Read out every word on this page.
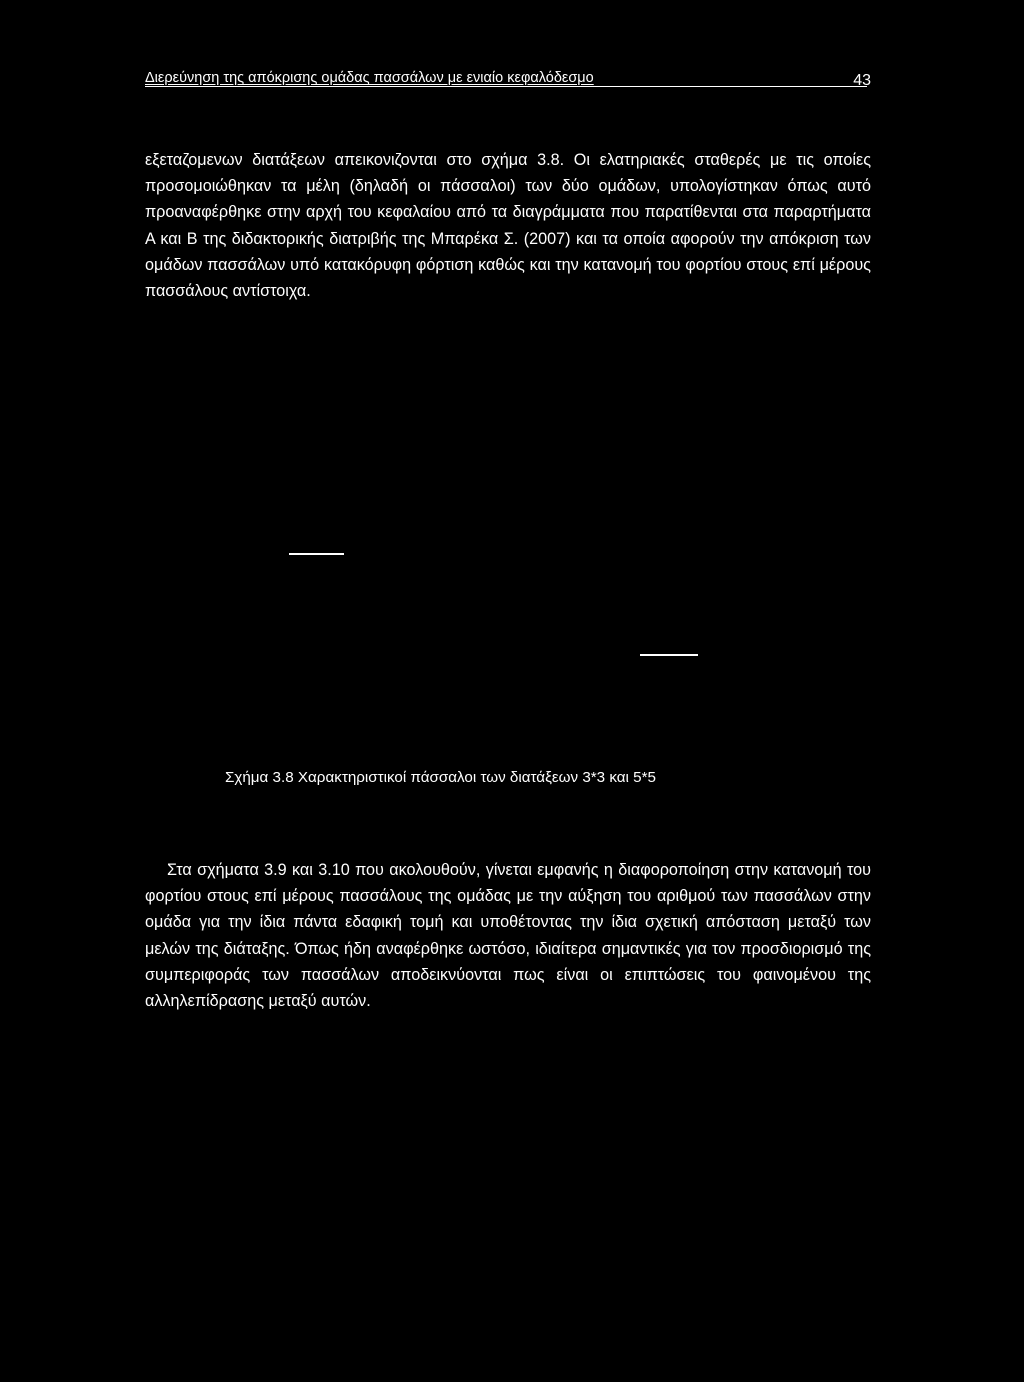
Διερεύνηση της απόκρισης ομάδας πασσάλων με ενιαίο κεφαλόδεσμο	43

εξεταζομενων διατάξεων απεικονιζονται στο σχήμα 3.8. Οι ελατηριακές σταθερές με τις οποίες προσομοιώθηκαν τα μέλη (δηλαδή οι πάσσαλοι) των δύο ομάδων, υπολογίστηκαν όπως αυτό προαναφέρθηκε στην αρχή του κεφαλαίου από τα διαγράμματα που παρατίθενται στα παραρτήματα A και B της διδακτορικής διατριβής της Μπαρέκα Σ. (2007) και τα οποία αφορούν την απόκριση των ομάδων πασσάλων υπό κατακόρυφη φόρτιση καθώς και την κατανομή του φορτίου στους επί μέρους πασσάλους αντίστοιχα.

Σχήμα 3.8 Χαρακτηριστικοί πάσσαλοι των διατάξεων 3*3 και 5*5

Στα σχήματα 3.9 και 3.10 που ακολουθούν, γίνεται εμφανής η διαφοροποίηση στην κατανομή του φορτίου στους επί μέρους πασσάλους της ομάδας με την αύξηση του αριθμού των πασσάλων στην ομάδα για την ίδια πάντα εδαφική τομή και υποθέτοντας την ίδια σχετική απόσταση μεταξύ των μελών της διάταξης. Όπως ήδη αναφέρθηκε ωστόσο, ιδιαίτερα σημαντικές για τον προσδιορισμό της συμπεριφοράς των πασσάλων αποδεικνύονται πως είναι οι επιπτώσεις του φαινομένου της αλληλεπίδρασης μεταξύ αυτών.
